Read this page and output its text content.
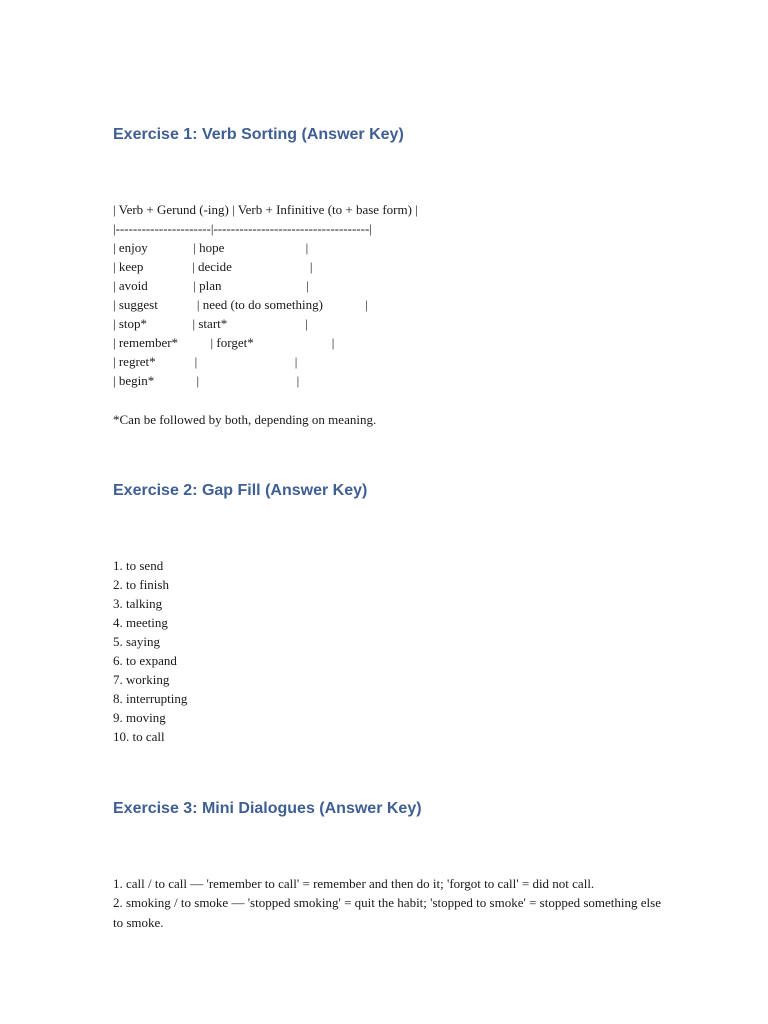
Exercise 1: Verb Sorting (Answer Key)

| Verb + Gerund (-ing) | Verb + Infinitive (to + base form) |

|----------------------|------------------------------------|

| enjoy              | hope                         |

| keep               | decide                        |

| avoid              | plan                          |

| suggest            | need (to do something)             |

| stop*              | start*                        |

| remember*          | forget*                        |

| regret*            |                              |

| begin*             |                              |

*Can be followed by both, depending on meaning.

Exercise 2: Gap Fill (Answer Key)

1. to send

2. to finish

3. talking

4. meeting

5. saying

6. to expand

7. working

8. interrupting

9. moving

10. to call

Exercise 3: Mini Dialogues (Answer Key)

1. call / to call — 'remember to call' = remember and then do it; 'forgot to call' = did not call.

2. smoking / to smoke — 'stopped smoking' = quit the habit; 'stopped to smoke' = stopped something else to smoke.
